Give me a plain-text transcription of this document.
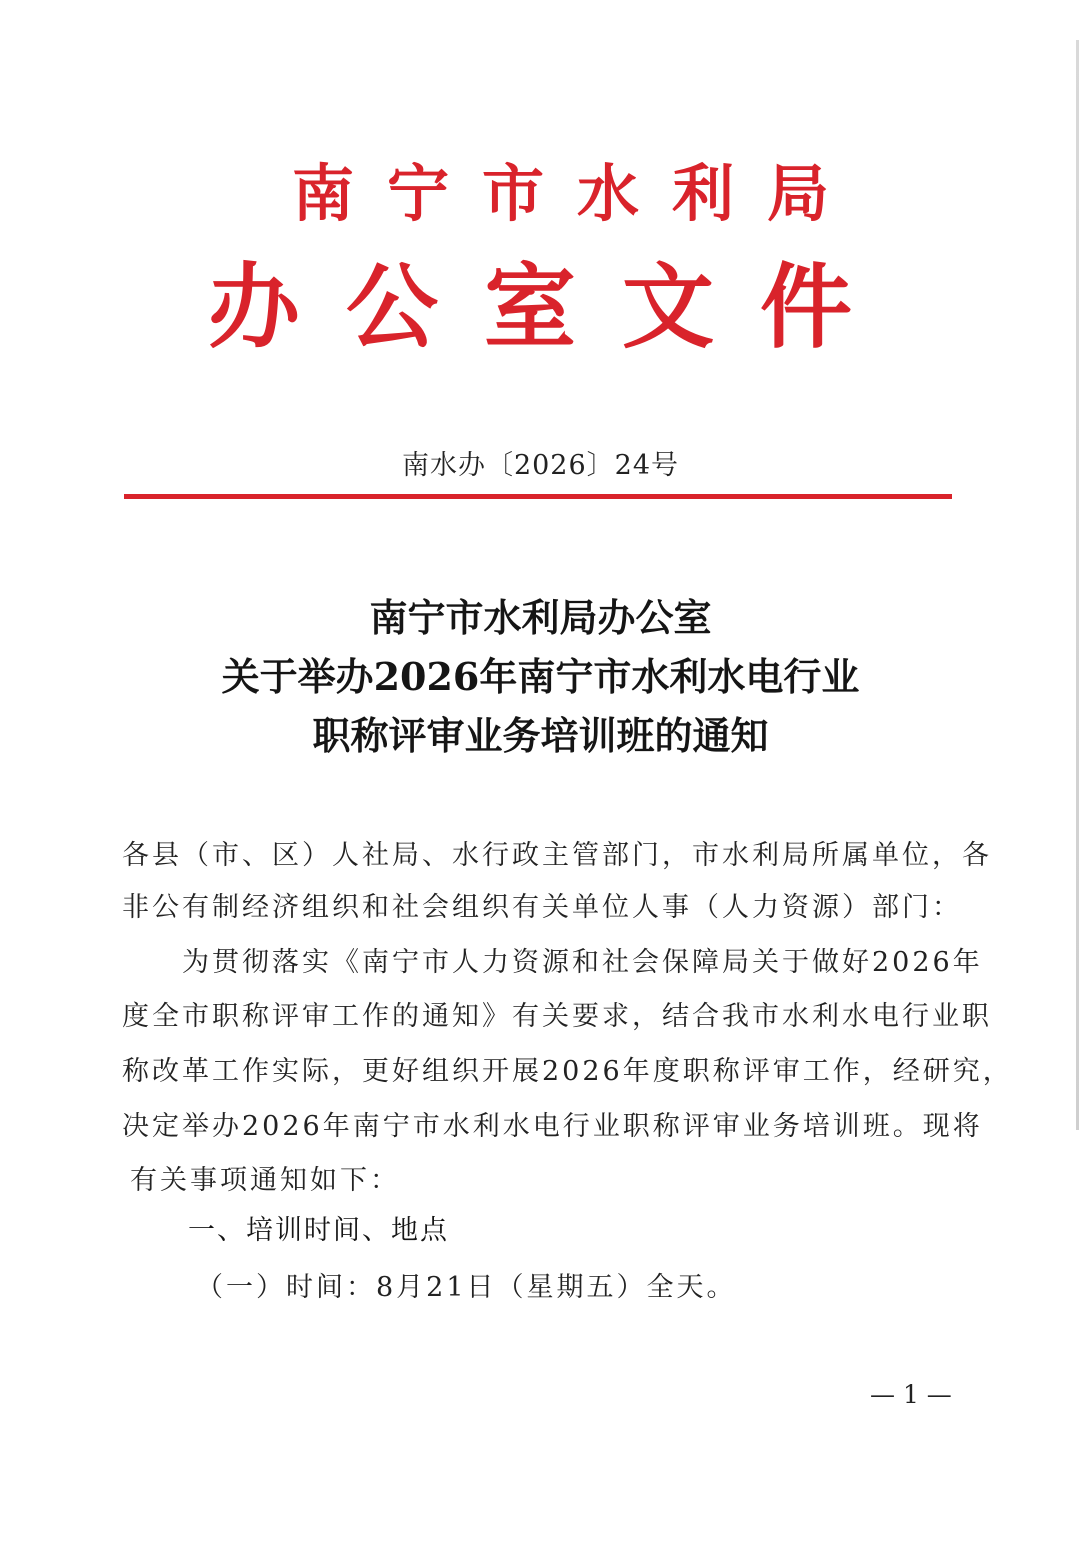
南宁市水利局
办公室文件
南水办〔2026〕24号
南宁市水利局办公室
关于举办2026年南宁市水利水电行业
职称评审业务培训班的通知
各县（市、区）人社局、水行政主管部门，市水利局所属单位，各
非公有制经济组织和社会组织有关单位人事（人力资源）部门：
为贯彻落实《南宁市人力资源和社会保障局关于做好2026年
度全市职称评审工作的通知》有关要求，结合我市水利水电行业职
称改革工作实际，更好组织开展2026年度职称评审工作，经研究，
决定举办2026年南宁市水利水电行业职称评审业务培训班。现将
有关事项通知如下：
一、培训时间、地点
（一）时间：8月21日（星期五）全天。
— 1 —
